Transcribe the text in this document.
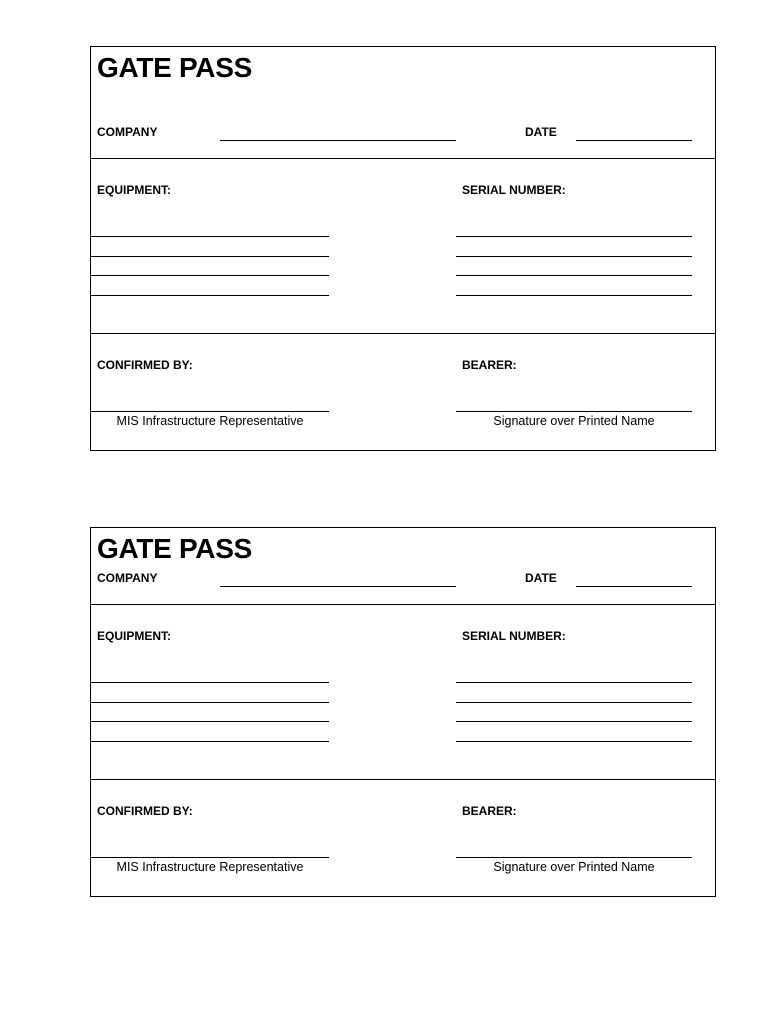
GATE PASS
COMPANY	DATE
EQUIPMENT:	SERIAL NUMBER:
CONFIRMED BY:	BEARER:
MIS Infrastructure Representative	Signature over Printed Name
GATE PASS
COMPANY	DATE
EQUIPMENT:	SERIAL NUMBER:
CONFIRMED BY:	BEARER:
MIS Infrastructure Representative	Signature over Printed Name
